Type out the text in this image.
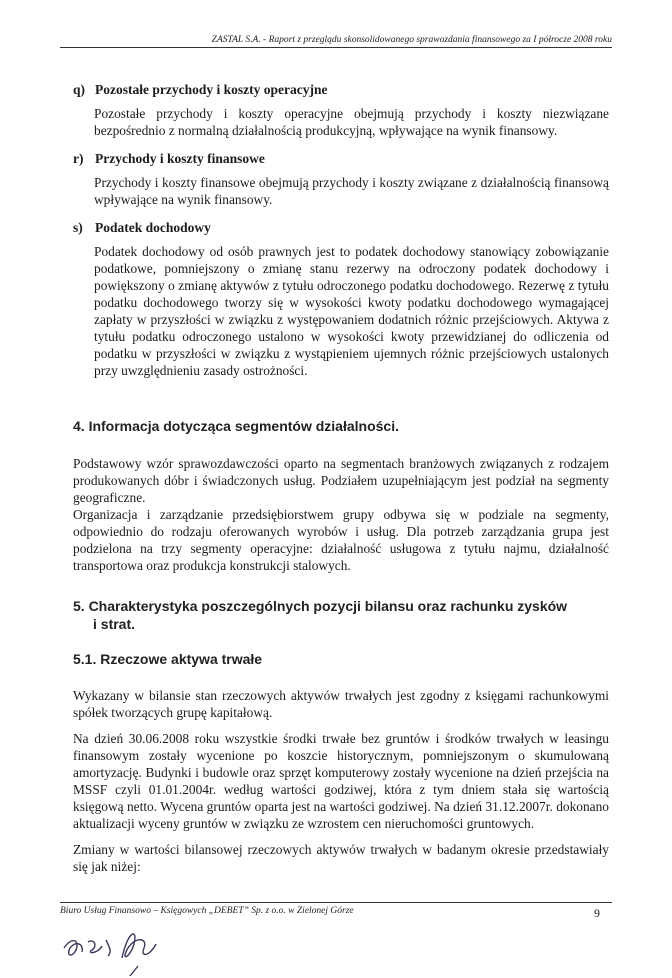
ZASTAL S.A. - Raport z przeglądu skonsolidowanego sprawozdania finansowego za I półrocze 2008 roku
q) Pozostałe przychody i koszty operacyjne

Pozostałe przychody i koszty operacyjne obejmują przychody i koszty niezwiązane bezpośrednio z normalną działalnością produkcyjną, wpływające na wynik finansowy.

r) Przychody i koszty finansowe

Przychody i koszty finansowe obejmują przychody i koszty związane z działalnością finansową wpływające na wynik finansowy.

s) Podatek dochodowy

Podatek dochodowy od osób prawnych jest to podatek dochodowy stanowiący zobowiązanie podatkowe, pomniejszony o zmianę stanu rezerwy na odroczony podatek dochodowy i powiększony o zmianę aktywów z tytułu odroczonego podatku dochodowego. Rezerwę z tytułu podatku dochodowego tworzy się w wysokości kwoty podatku dochodowego wymagającej zapłaty w przyszłości w związku z występowaniem dodatnich różnic przejściowych. Aktywa z tytułu podatku odroczonego ustalono w wysokości kwoty przewidzianej do odliczenia od podatku w przyszłości w związku z wystąpieniem ujemnych różnic przejściowych ustalonych przy uwzględnieniu zasady ostrożności.

4. Informacja dotycząca segmentów działalności.

Podstawowy wzór sprawozdawczości oparto na segmentach branżowych związanych z rodzajem produkowanych dóbr i świadczonych usług. Podziałem uzupełniającym jest podział na segmenty geograficzne.

Organizacja i zarządzanie przedsiębiorstwem grupy odbywa się w podziale na segmenty, odpowiednio do rodzaju oferowanych wyrobów i usług. Dla potrzeb zarządzania grupa jest podzielona na trzy segmenty operacyjne: działalność usługowa z tytułu najmu, działalność transportowa oraz produkcja konstrukcji stalowych.

5. Charakterystyka poszczególnych pozycji bilansu oraz rachunku zysków
i strat.
5.1. Rzeczowe aktywa trwałe

Wykazany w bilansie stan rzeczowych aktywów trwałych jest zgodny z księgami rachunkowymi spółek tworzących grupę kapitałową.

Na dzień 30.06.2008 roku wszystkie środki trwałe bez gruntów i środków trwałych w leasingu finansowym zostały wycenione po koszcie historycznym, pomniejszonym o skumulowaną amortyzację. Budynki i budowle oraz sprzęt komputerowy zostały wycenione na dzień przejścia na MSSF czyli 01.01.2004r. według wartości godziwej, która z tym dniem stała się wartością księgową netto. Wycena gruntów oparta jest na wartości godziwej. Na dzień 31.12.2007r. dokonano aktualizacji wyceny gruntów w związku ze wzrostem cen nieruchomości gruntowych.

Zmiany w wartości bilansowej rzeczowych aktywów trwałych w badanym okresie przedstawiały się jak niżej:

Biuro Usług Finansowo – Księgowych „DEBET” Sp. z o.o. w Zielonej Górze	9
